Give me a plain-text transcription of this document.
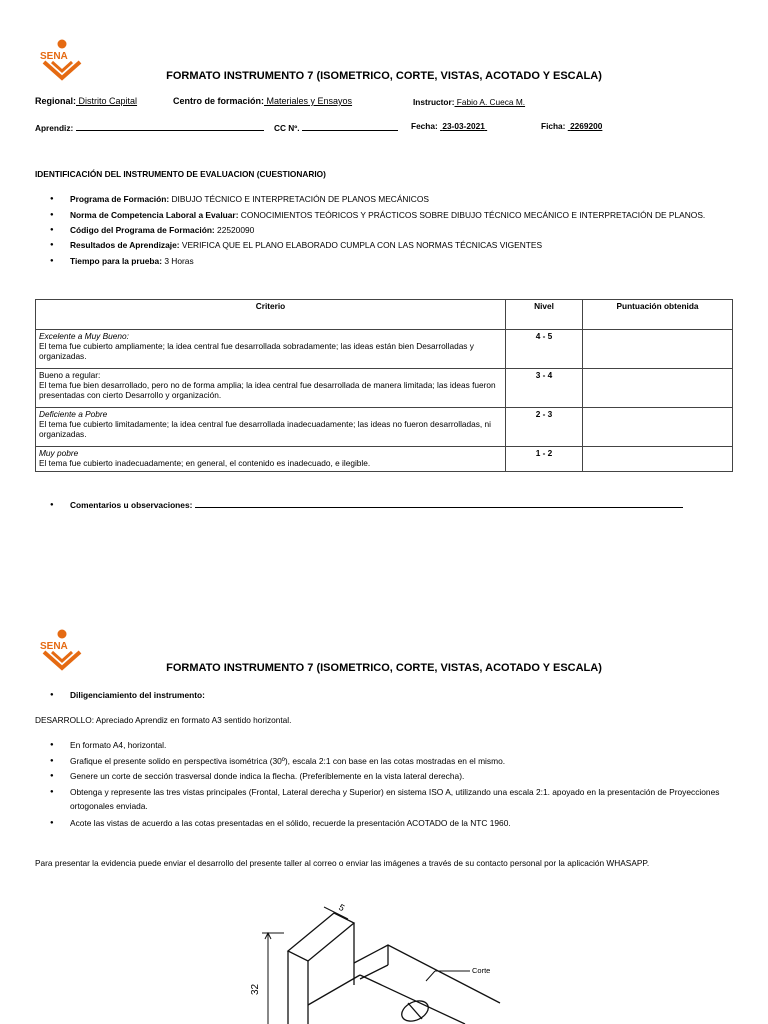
SENA
FORMATO INSTRUMENTO 7 (ISOMETRICO, CORTE, VISTAS, ACOTADO Y ESCALA)
Regional: Distrito Capital	Centro de formación: Materiales y Ensayos	Instructor: Fabio A. Cueca M.
Aprendiz:	CC Nº.	Fecha: 23-03-2021	Ficha: 2269200
IDENTIFICACIÓN DEL INSTRUMENTO DE EVALUACION (CUESTIONARIO)
● Programa de Formación: DIBUJO TÉCNICO E INTERPRETACIÓN DE PLANOS MECÁNICOS
● Norma de Competencia Laboral a Evaluar: CONOCIMIENTOS TEÓRICOS Y PRÁCTICOS SOBRE DIBUJO TÉCNICO MECÁNICO E INTERPRETACIÓN DE PLANOS.
● Código del Programa de Formación: 22520090
● Resultados de Aprendizaje: VERIFICA QUE EL PLANO ELABORADO CUMPLA CON LAS NORMAS TÉCNICAS VIGENTES
● Tiempo para la prueba: 3 Horas
Criterio	Nivel	Puntuación obtenida
Excelente a Muy Bueno:
El tema fue cubierto ampliamente; la idea central fue desarrollada sobradamente; las ideas están bien Desarrolladas y organizadas.	4 - 5	
Bueno a regular:
El tema fue bien desarrollado, pero no de forma amplia; la idea central fue desarrollada de manera limitada; las ideas fueron presentadas con cierto Desarrollo y organización.	3 - 4	
Deficiente a Pobre
El tema fue cubierto limitadamente; la idea central fue desarrollada inadecuadamente; las ideas no fueron desarrolladas, ni organizadas.	2 - 3	
Muy pobre
El tema fue cubierto inadecuadamente; en general, el contenido es inadecuado, e ilegible.	1 - 2	
● Comentarios u observaciones:
SENA
FORMATO INSTRUMENTO 7 (ISOMETRICO, CORTE, VISTAS, ACOTADO Y ESCALA)
● Diligenciamiento del instrumento:
DESARROLLO: Apreciado Aprendiz en formato A3 sentido horizontal.
● En formato A4, horizontal.
● Grafique el presente solido en perspectiva isométrica (30º), escala 2:1 con base en las cotas mostradas en el mismo.
● Genere un corte de sección trasversal donde indica la flecha. (Preferiblemente en la vista lateral derecha).
● Obtenga y represente las tres vistas principales (Frontal, Lateral derecha y Superior) en sistema ISO A, utilizando una escala 2:1. apoyado en la presentación de Proyecciones ortogonales enviada.
● Acote las vistas de acuerdo a las cotas presentadas en el sólido, recuerde la presentación ACOTADO de la NTC 1960.
Para presentar la evidencia puede enviar el desarrollo del presente taller al correo o enviar las imágenes a través de su contacto personal por la aplicación WHASAPP.
32
5
Corte
